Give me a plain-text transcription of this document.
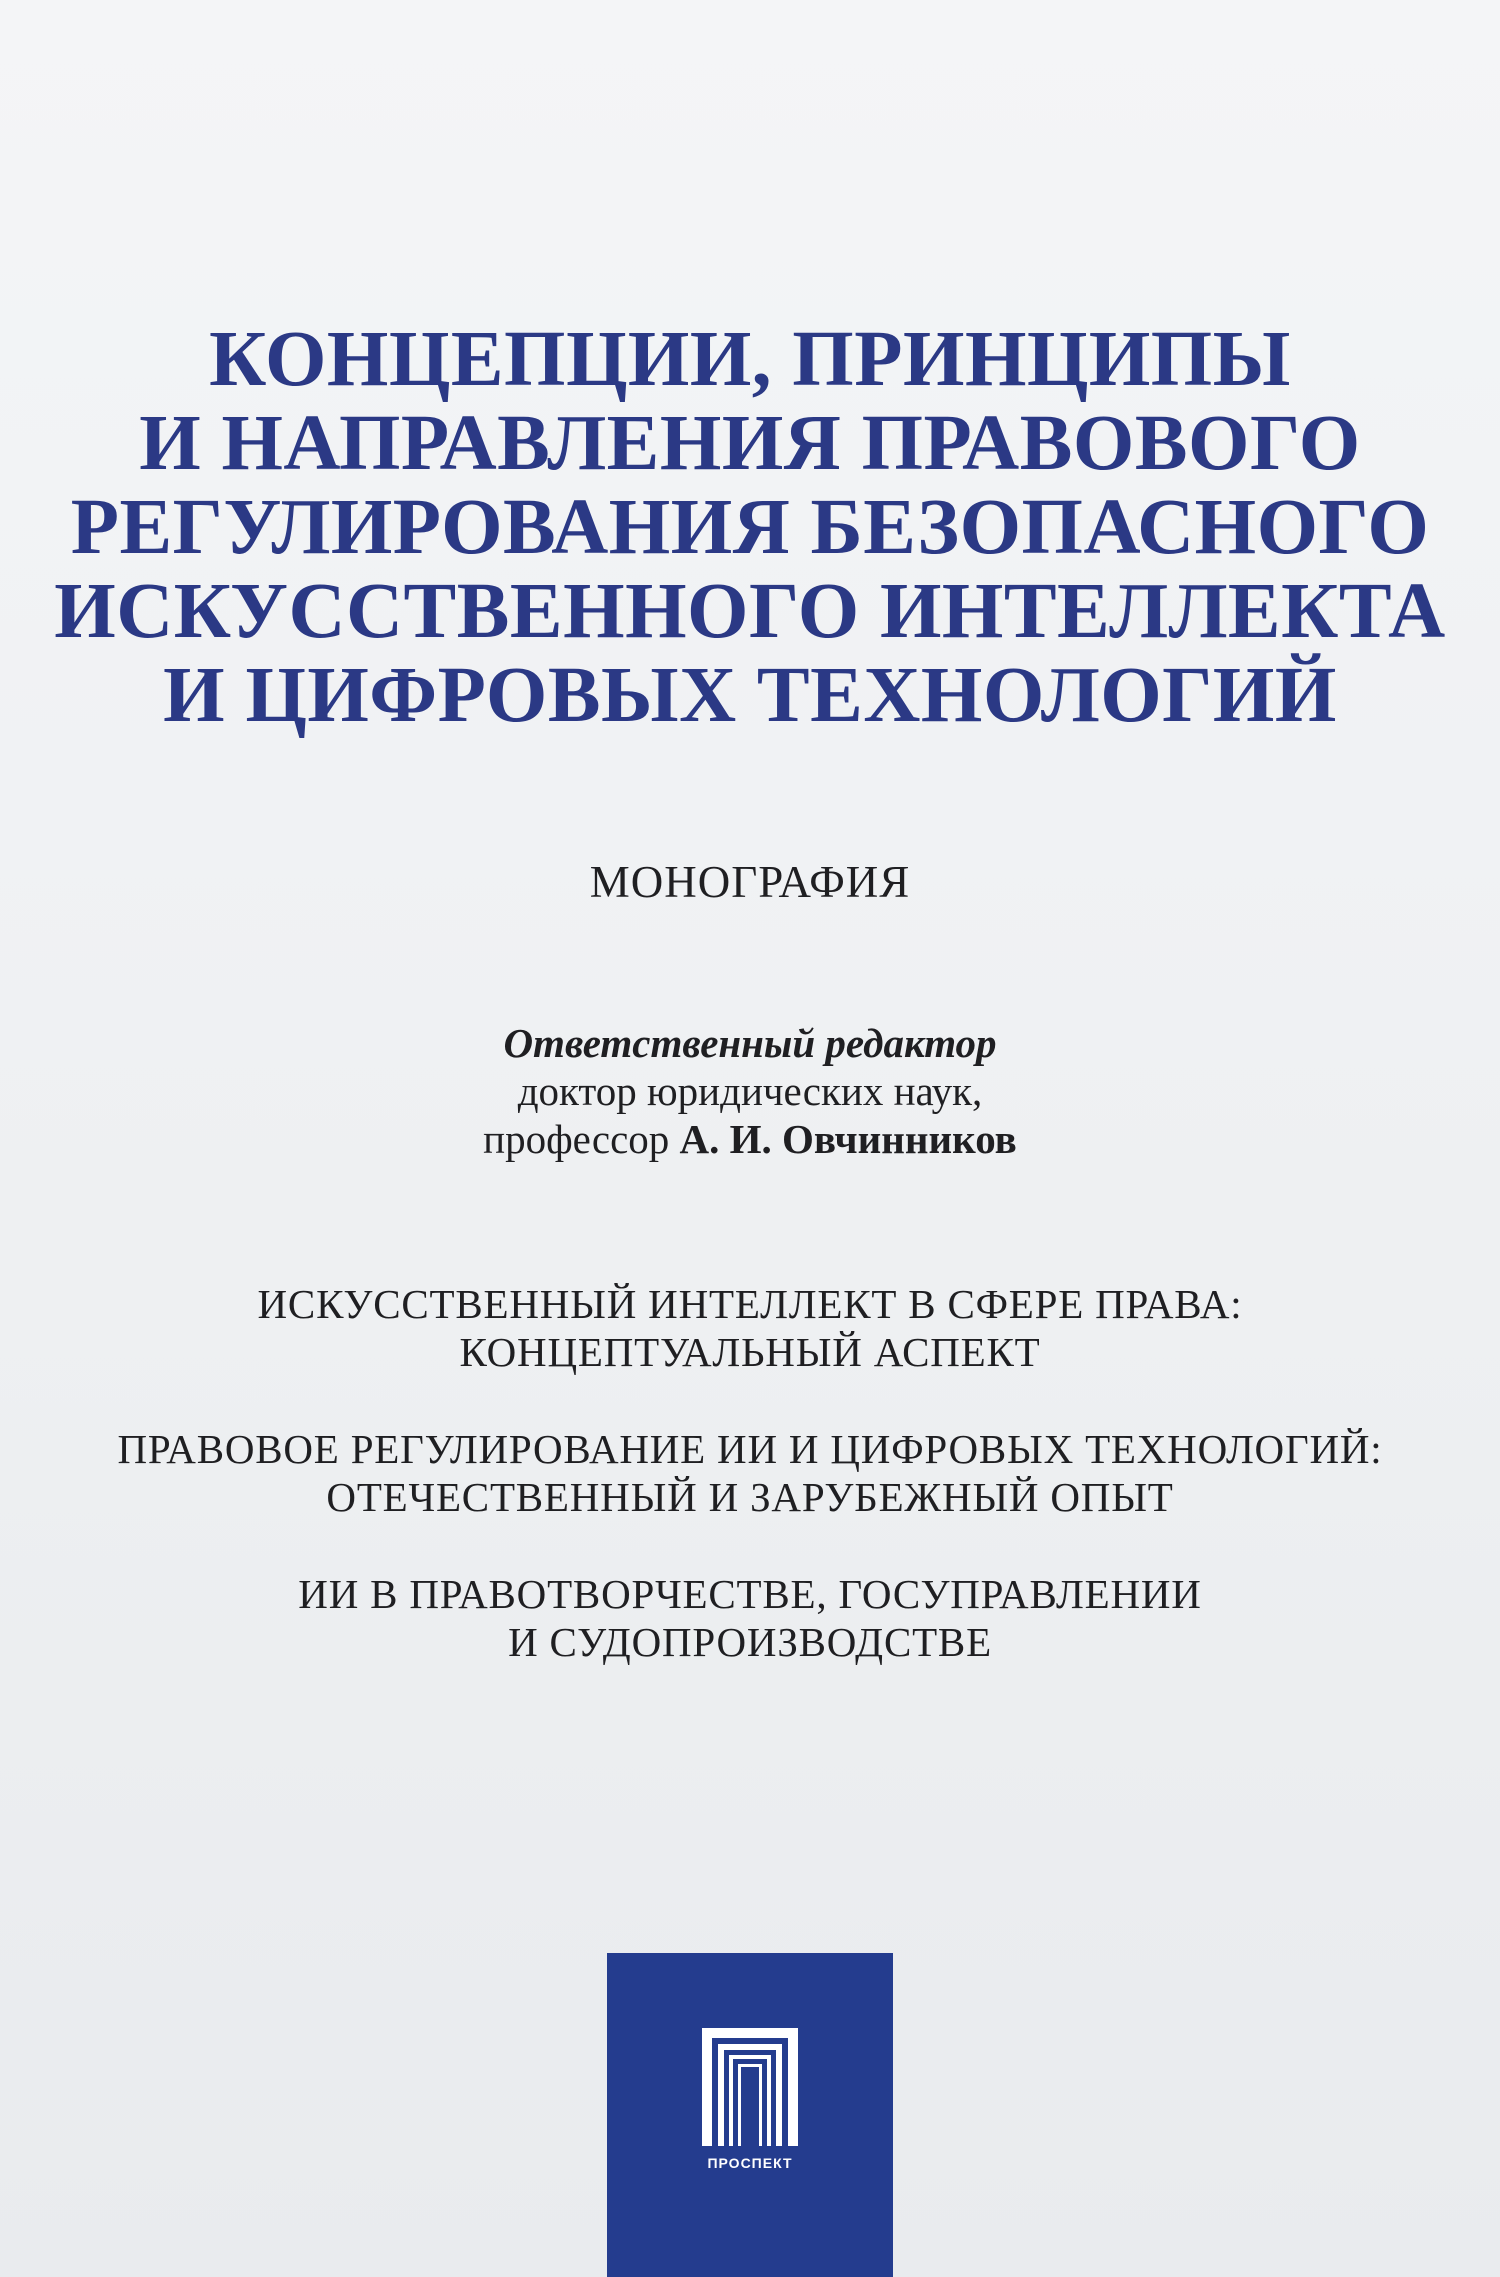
КОНЦЕПЦИИ, ПРИНЦИПЫ
И НАПРАВЛЕНИЯ ПРАВОВОГО
РЕГУЛИРОВАНИЯ БЕЗОПАСНОГО
ИСКУССТВЕННОГО ИНТЕЛЛЕКТА
И ЦИФРОВЫХ ТЕХНОЛОГИЙ
МОНОГРАФИЯ
Ответственный редактор
доктор юридических наук,
профессор А. И. Овчинников
ИСКУССТВЕННЫЙ ИНТЕЛЛЕКТ В СФЕРЕ ПРАВА:
КОНЦЕПТУАЛЬНЫЙ АСПЕКТ
ПРАВОВОЕ РЕГУЛИРОВАНИЕ ИИ И ЦИФРОВЫХ ТЕХНОЛОГИЙ:
ОТЕЧЕСТВЕННЫЙ И ЗАРУБЕЖНЫЙ ОПЫТ
ИИ В ПРАВОТВОРЧЕСТВЕ, ГОСУПРАВЛЕНИИ
И СУДОПРОИЗВОДСТВЕ
ПРОСПЕКТ
